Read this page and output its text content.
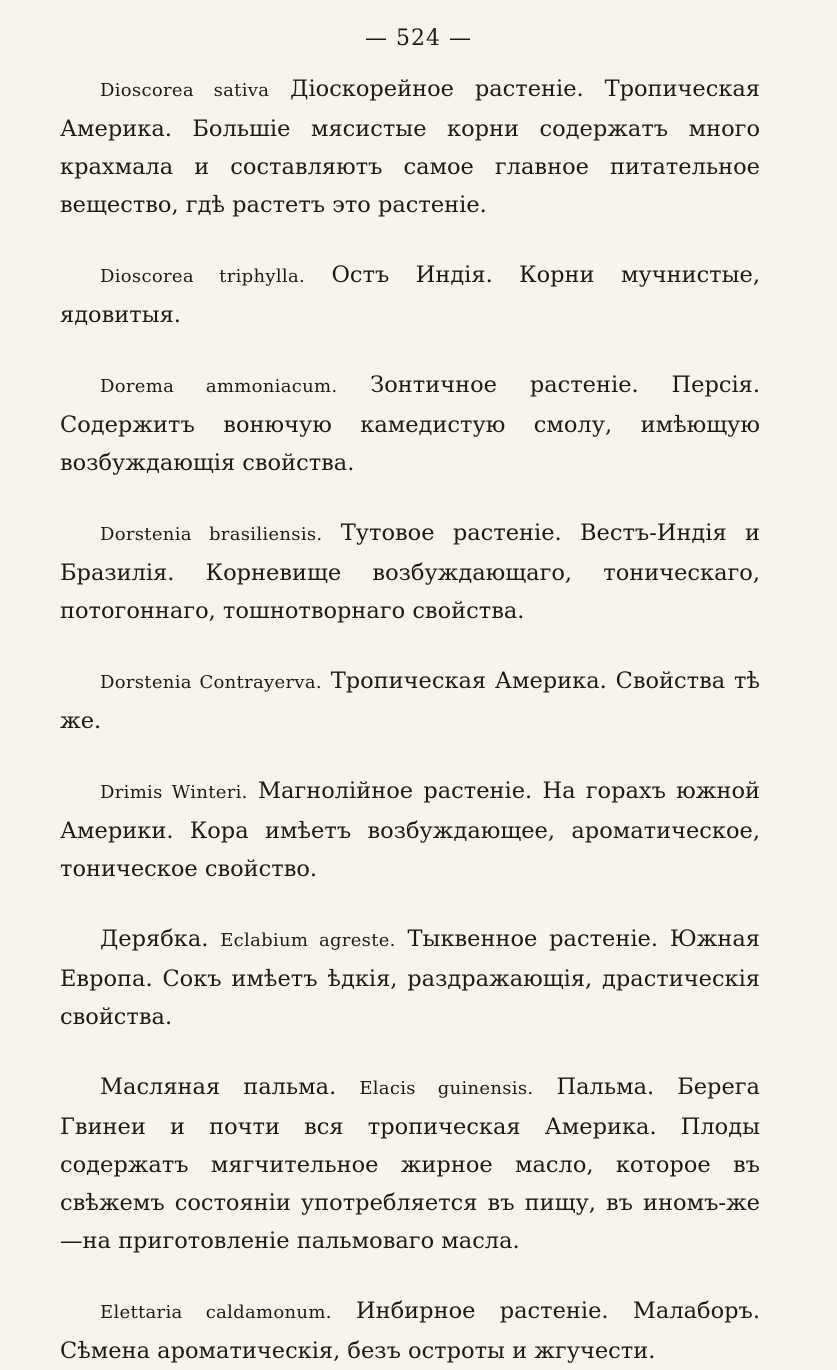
— 524 —

Dioscorea sativa Діоскорейное растеніе. Тропическая Америка. Большіе мясистые корни содержатъ много крахмала и составляютъ самое главное питательное вещество, гдѣ растетъ это растеніе.

Dioscorea triphylla. Остъ Индія. Корни мучнистые, ядовитыя.

Dorema ammoniacum. Зонтичное растеніе. Персія. Содержитъ вонючую камедистую смолу, имѣющую возбуждающія свойства.

Dorstenia brasiliensis. Тутовое растеніе. Вестъ-Индія и Бразилія. Корневище возбуждающаго, тоническаго, потогоннаго, тошнотворнаго свойства.

Dorstenia Contrayerva. Тропическая Америка. Свойства тѣ же.

Drimis Winteri. Магнолійное растеніе. На горахъ южной Америки. Кора имѣетъ возбуждающее, ароматическое, тоническое свойство.

Дерябка. Eclabium agreste. Тыквенное растеніе. Южная Европа. Сокъ имѣетъ ѣдкія, раздражающія, драстическія свойства.

Масляная пальма. Elacis guinensis. Пальма. Берега Гвинеи и почти вся тропическая Америка. Плоды содержатъ мягчительное жирное масло, которое въ свѣжемъ состояніи употребляется въ пищу, въ иномъ-же—на приготовленіе пальмоваго масла.

Elettaria caldamonum. Инбирное растеніе. Малаборъ. Сѣмена ароматическія, безъ остроты и жгучести.
